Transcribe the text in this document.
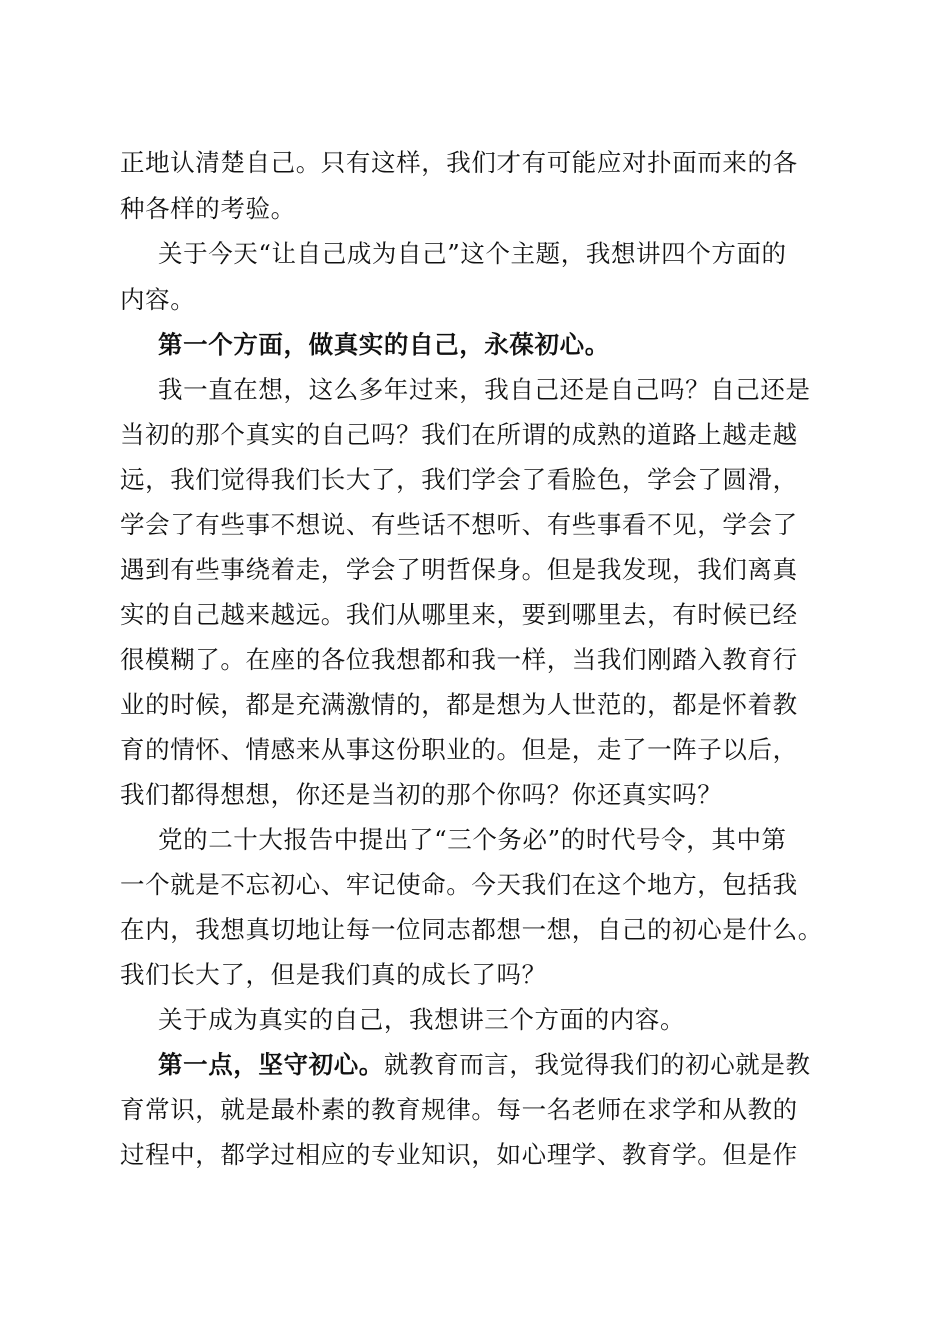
正地认清楚自己。只有这样，我们才有可能应对扑面而来的各
种各样的考验。
关于今天“让自己成为自己”这个主题，我想讲四个方面的
内容。
第一个方面，做真实的自己，永葆初心。
我一直在想，这么多年过来，我自己还是自己吗？自己还是
当初的那个真实的自己吗？我们在所谓的成熟的道路上越走越
远，我们觉得我们长大了，我们学会了看脸色，学会了圆滑，
学会了有些事不想说、有些话不想听、有些事看不见，学会了
遇到有些事绕着走，学会了明哲保身。但是我发现，我们离真
实的自己越来越远。我们从哪里来，要到哪里去，有时候已经
很模糊了。在座的各位我想都和我一样，当我们刚踏入教育行
业的时候，都是充满激情的，都是想为人世范的，都是怀着教
育的情怀、情感来从事这份职业的。但是，走了一阵子以后，
我们都得想想，你还是当初的那个你吗？你还真实吗？
党的二十大报告中提出了“三个务必”的时代号令，其中第
一个就是不忘初心、牢记使命。今天我们在这个地方，包括我
在内，我想真切地让每一位同志都想一想，自己的初心是什么。
我们长大了，但是我们真的成长了吗？
关于成为真实的自己，我想讲三个方面的内容。
第一点，坚守初心。就教育而言，我觉得我们的初心就是教
育常识，就是最朴素的教育规律。每一名老师在求学和从教的
过程中，都学过相应的专业知识，如心理学、教育学。但是作
